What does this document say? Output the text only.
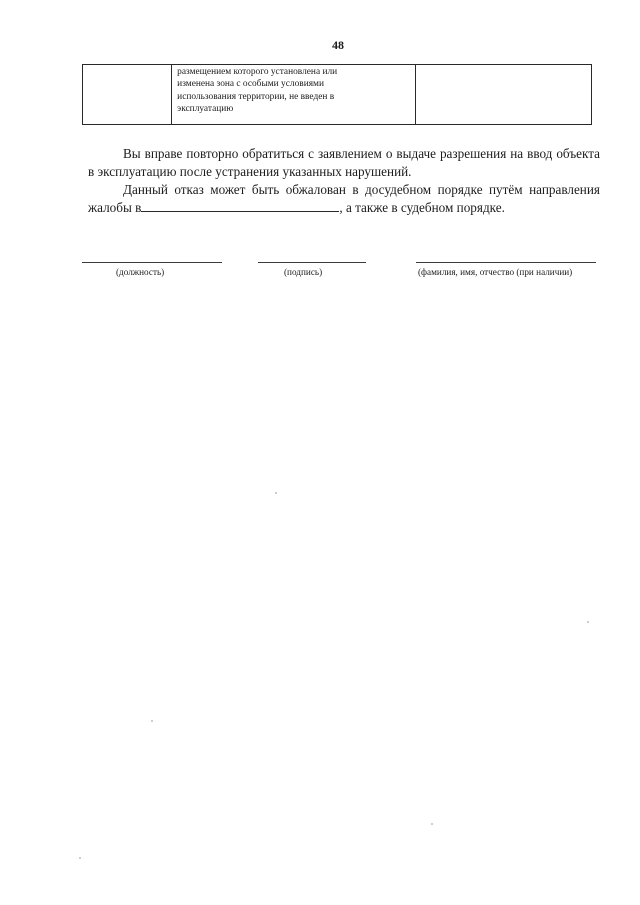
48

размещением которого установлена или
изменена зона с особыми условиями
использования территории, не введен в
эксплуатацию

Вы вправе повторно обратиться с заявлением о выдаче разрешения на ввод объекта в эксплуатацию после устранения указанных нарушений.
Данный отказ может быть обжалован в досудебном порядке путём направления жалобы в	, а также в судебном порядке.
(должность)	(подпись)	(фамилия, имя, отчество (при наличии)
